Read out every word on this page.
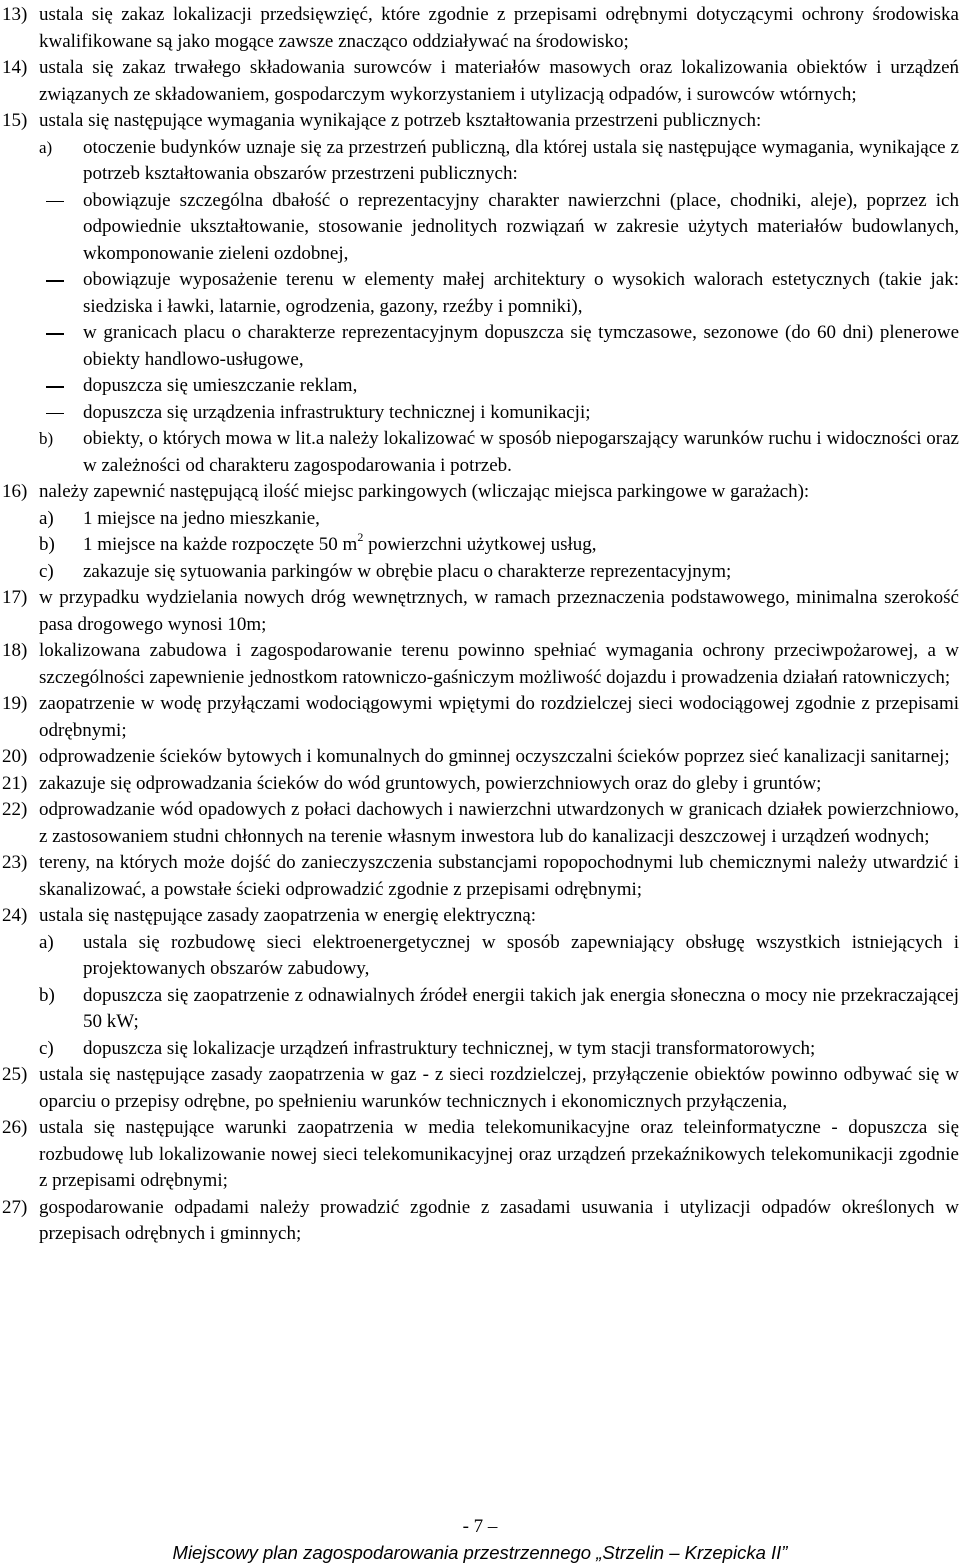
13) ustala się zakaz lokalizacji przedsięwzięć, które zgodnie z przepisami odrębnymi dotyczącymi ochrony środowiska kwalifikowane są jako mogące zawsze znacząco oddziaływać na środowisko;
14) ustala się zakaz trwałego składowania surowców i materiałów masowych oraz lokalizowania obiektów i urządzeń związanych ze składowaniem, gospodarczym wykorzystaniem i utylizacją odpadów, i surowców wtórnych;
15) ustala się następujące wymagania wynikające z potrzeb kształtowania przestrzeni publicznych:
a) otoczenie budynków uznaje się za przestrzeń publiczną, dla której ustala się następujące wymagania, wynikające z potrzeb kształtowania obszarów przestrzeni publicznych:
obowiązuje szczególna dbałość o reprezentacyjny charakter nawierzchni (place, chodniki, aleje), poprzez ich odpowiednie ukształtowanie, stosowanie jednolitych rozwiązań w zakresie użytych materiałów budowlanych, wkomponowanie zieleni ozdobnej,
obowiązuje wyposażenie terenu w elementy małej architektury o wysokich walorach estetycznych (takie jak: siedziska i ławki, latarnie, ogrodzenia, gazony, rzeźby i pomniki),
w granicach placu o charakterze reprezentacyjnym dopuszcza się tymczasowe, sezonowe (do 60 dni) plenerowe obiekty handlowo-usługowe,
dopuszcza się umieszczanie reklam,
dopuszcza się urządzenia infrastruktury technicznej i komunikacji;
b) obiekty, o których mowa w lit.a należy lokalizować w sposób niepogarszający warunków ruchu i widoczności oraz w zależności od charakteru zagospodarowania i potrzeb.
16) należy zapewnić następującą ilość miejsc parkingowych (wliczając miejsca parkingowe w garażach):
a) 1 miejsce na jedno mieszkanie,
b) 1 miejsce na każde rozpoczęte 50 $m^2$ powierzchni użytkowej usług,
c) zakazuje się sytuowania parkingów w obrębie placu o charakterze reprezentacyjnym;
17) w przypadku wydzielania nowych dróg wewnętrznych, w ramach przeznaczenia podstawowego, minimalna szerokość pasa drogowego wynosi 10m;
18) lokalizowana zabudowa i zagospodarowanie terenu powinno spełniać wymagania ochrony przeciwpożarowej, a w szczególności zapewnienie jednostkom ratowniczo-gaśniczym możliwość dojazdu i prowadzenia działań ratowniczych;
19) zaopatrzenie w wodę przyłączami wodociągowymi wpiętymi do rozdzielczej sieci wodociągowej zgodnie z przepisami odrębnymi;
20) odprowadzenie ścieków bytowych i komunalnych do gminnej oczyszczalni ścieków poprzez sieć kanalizacji sanitarnej;
21) zakazuje się odprowadzania ścieków do wód gruntowych, powierzchniowych oraz do gleby i gruntów;
22) odprowadzanie wód opadowych z połaci dachowych i nawierzchni utwardzonych w granicach działek powierzchniowo, z zastosowaniem studni chłonnych na terenie własnym inwestora lub do kanalizacji deszczowej i urządzeń wodnych;
23) tereny, na których może dojść do zanieczyszczenia substancjami ropopochodnymi lub chemicznymi należy utwardzić i skanalizować, a powstałe ścieki odprowadzić zgodnie z przepisami odrębnymi;
24) ustala się następujące zasady zaopatrzenia w energię elektryczną:
a) ustala się rozbudowę sieci elektroenergetycznej w sposób zapewniający obsługę wszystkich istniejących i projektowanych obszarów zabudowy,
b) dopuszcza się zaopatrzenie z odnawialnych źródeł energii takich jak energia słoneczna o mocy nie przekraczającej 50 kW;
c) dopuszcza się lokalizacje urządzeń infrastruktury technicznej, w tym stacji transformatorowych;
25) ustala się następujące zasady zaopatrzenia w gaz - z sieci rozdzielczej, przyłączenie obiektów powinno odbywać się w oparciu o przepisy odrębne, po spełnieniu warunków technicznych i ekonomicznych przyłączenia,
26) ustala się następujące warunki zaopatrzenia w media telekomunikacyjne oraz teleinformatyczne - dopuszcza się rozbudowę lub lokalizowanie nowej sieci telekomunikacyjnej oraz urządzeń przekaźnikowych telekomunikacji zgodnie z przepisami odrębnymi;
27) gospodarowanie odpadami należy prowadzić zgodnie z zasadami usuwania i utylizacji odpadów określonych w przepisach odrębnych i gminnych;
- 7 –
Miejscowy plan zagospodarowania przestrzennego „Strzelin – Krzepicka II”
